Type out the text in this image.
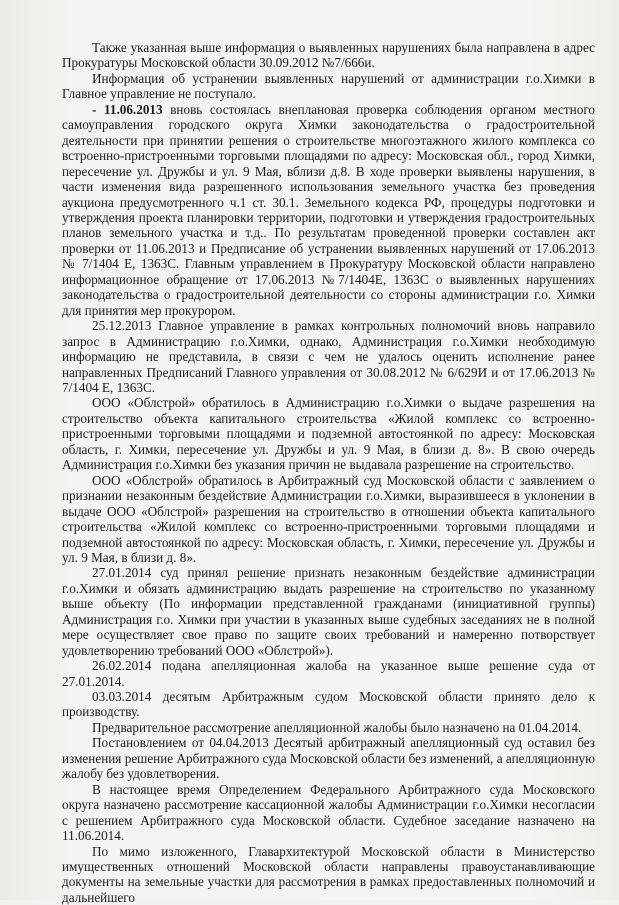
Также указанная выше информация о выявленных нарушениях была направлена в адрес Прокуратуры Московской области 30.09.2012 №7/666и.

Информация об устранении выявленных нарушений от администрации г.о.Химки в Главное управление не поступало.

- 11.06.2013 вновь состоялась внеплановая проверка соблюдения органом местного самоуправления городского округа Химки законодательства о градостроительной деятельности при принятии решения о строительстве многоэтажного жилого комплекса со встроенно-пристроенными торговыми площадями по адресу: Московская обл., город Химки, пересечение ул. Дружбы и ул. 9 Мая, вблизи д.8. В ходе проверки выявлены нарушения, в части изменения вида разрешенного использования земельного участка без проведения аукциона предусмотренного ч.1 ст. 30.1. Земельного кодекса РФ, процедуры подготовки и утверждения проекта планировки территории, подготовки и утверждения градостроительных планов земельного участка и т.д.. По результатам проведенной проверки составлен акт проверки от 11.06.2013 и Предписание об устранении выявленных нарушений от 17.06.2013 № 7/1404 Е, 1363С. Главным управлением в Прокуратуру Московской области направлено информационное обращение от 17.06.2013 №7/1404Е, 1363С о выявленных нарушениях законодательства о градостроительной деятельности со стороны администрации г.о. Химки для принятия мер прокурором.

25.12.2013 Главное управление в рамках контрольных полномочий вновь направило запрос в Администрацию г.о.Химки, однако, Администрация г.о.Химки необходимую информацию не представила, в связи с чем не удалось оценить исполнение ранее направленных Предписаний Главного управления от 30.08.2012 № 6/629И и от 17.06.2013 № 7/1404 Е, 1363С.

ООО «Облстрой» обратилось в Администрацию г.о.Химки о выдаче разрешения на строительство объекта капитального строительства «Жилой комплекс со встроенно-пристроенными торговыми площадями и подземной автостоянкой по адресу: Московская область, г. Химки, пересечение ул. Дружбы и ул. 9 Мая, в близи д. 8». В свою очередь Администрация г.о.Химки без указания причин не выдавала разрешение на строительство.

ООО «Облстрой» обратилось в Арбитражный суд Московской области с заявлением о признании незаконным бездействие Администрации г.о.Химки, выразившееся в уклонении в выдаче ООО «Облстрой» разрешения на строительство в отношении объекта капитального строительства «Жилой комплекс со встроенно-пристроенными торговыми площадями и подземной автостоянкой по адресу: Московская область, г. Химки, пересечение ул. Дружбы и ул. 9 Мая, в близи д. 8».

27.01.2014 суд принял решение признать незаконным бездействие администрации г.о.Химки и обязать администрацию выдать разрешение на строительство по указанному выше объекту (По информации представленной гражданами (инициативной группы) Администрация г.о. Химки при участии в указанных выше судебных заседаниях не в полной мере осуществляет свое право по защите своих требований и намеренно потворствует удовлетворению требований ООО «Облстрой»).

26.02.2014 подана апелляционная жалоба на указанное выше решение суда от 27.01.2014.

03.03.2014 десятым Арбитражным судом Московской области принято дело к производству.

Предварительное рассмотрение апелляционной жалобы было назначено на 01.04.2014.

Постановлением от 04.04.2013 Десятый арбитражный апелляционный суд оставил без изменения решение Арбитражного суда Московской области без изменений, а апелляционную жалобу без удовлетворения.

В настоящее время Определением Федерального Арбитражного суда Московского округа назначено рассмотрение кассационной жалобы Администрации г.о.Химки несогласии с решением Арбитражного суда Московской области. Судебное заседание назначено на 11.06.2014.

По мимо изложенного, Главархитектурой Московской области в Министерство имущественных отношений Московской области направлены правоустанавливающие документы на земельные участки для рассмотрения в рамках предоставленных полномочий и дальнейшего
